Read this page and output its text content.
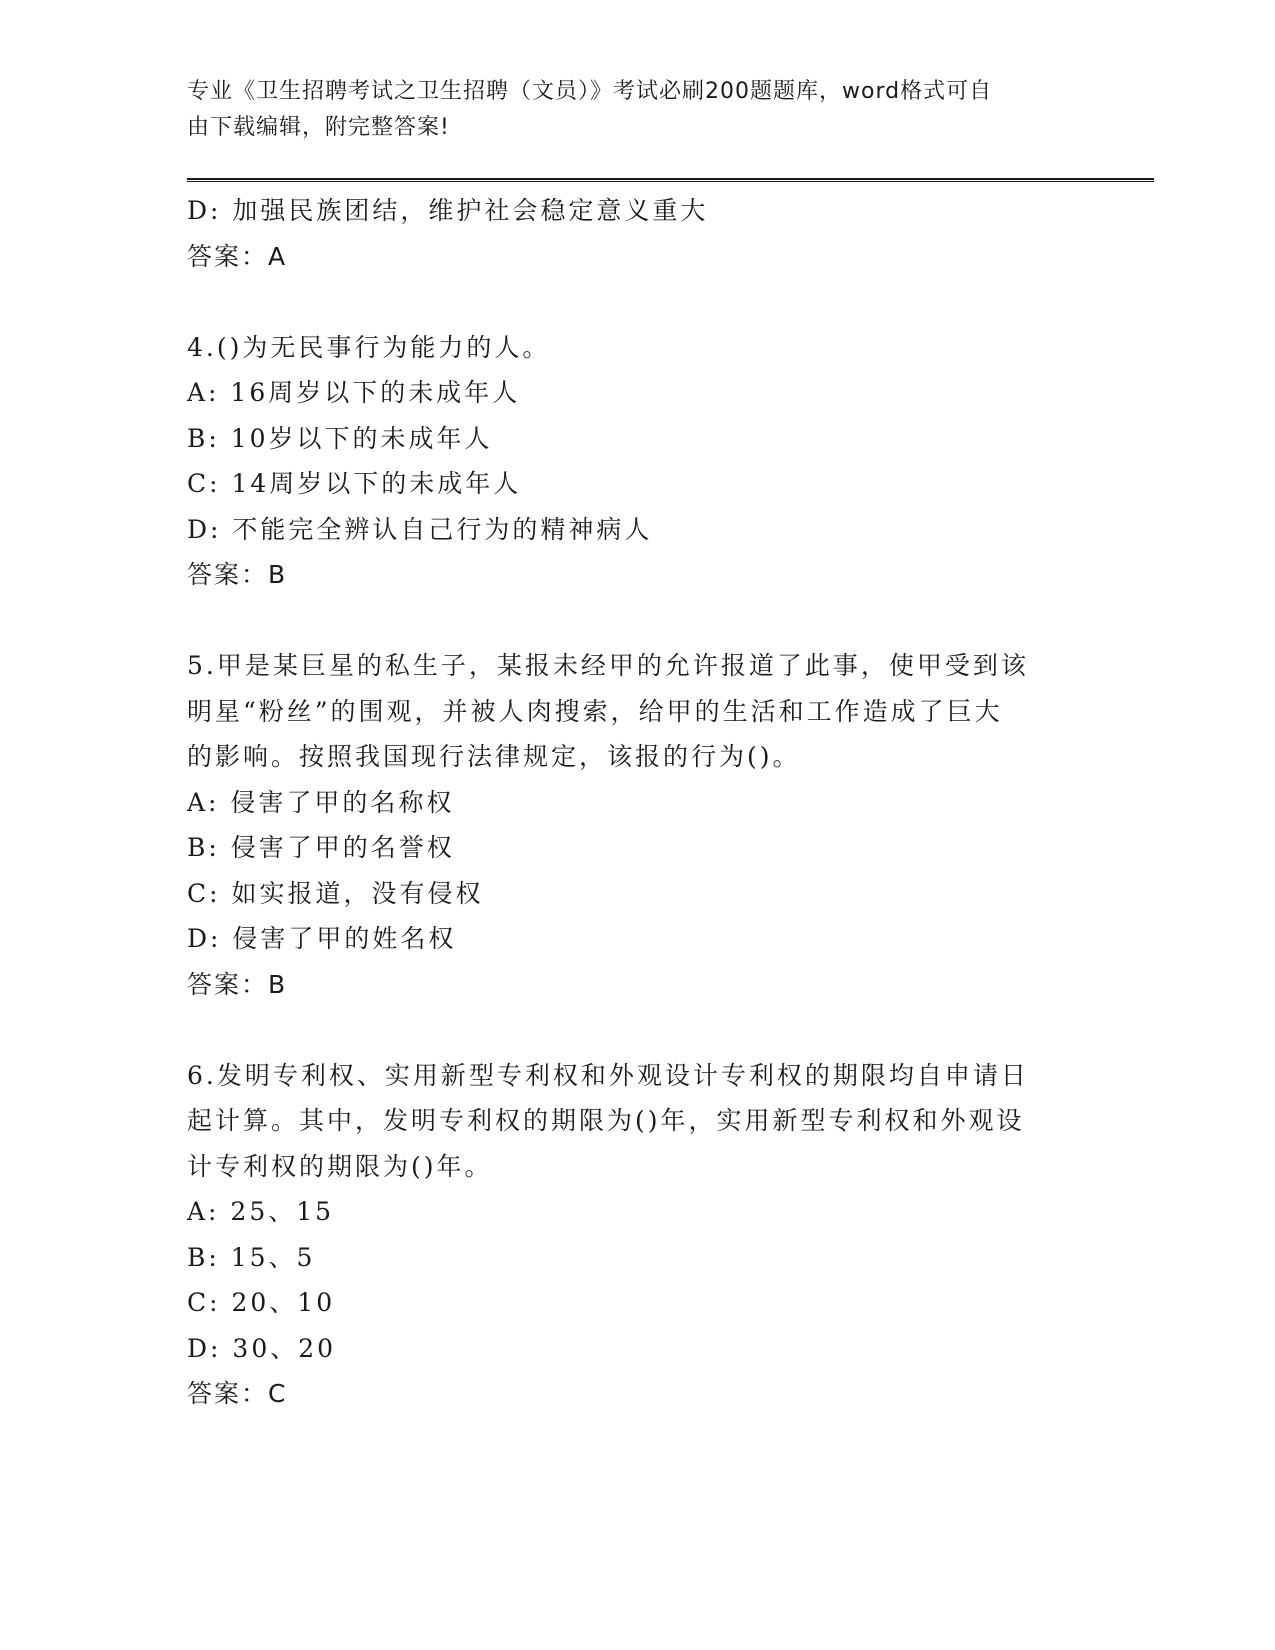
专业《卫生招聘考试之卫生招聘（文员）》考试必刷200题题库，word格式可自
由下载编辑，附完整答案!
D: 加强民族团结，维护社会稳定意义重大
答案：A
4.()为无民事行为能力的人。
A: 16周岁以下的未成年人
B: 10岁以下的未成年人
C: 14周岁以下的未成年人
D: 不能完全辨认自己行为的精神病人
答案：B
5.甲是某巨星的私生子，某报未经甲的允许报道了此事，使甲受到该
明星“粉丝”的围观，并被人肉搜索，给甲的生活和工作造成了巨大
的影响。按照我国现行法律规定，该报的行为()。
A: 侵害了甲的名称权
B: 侵害了甲的名誉权
C: 如实报道，没有侵权
D: 侵害了甲的姓名权
答案：B
6.发明专利权、实用新型专利权和外观设计专利权的期限均自申请日
起计算。其中，发明专利权的期限为()年，实用新型专利权和外观设
计专利权的期限为()年。
A: 25、15
B: 15、5
C: 20、10
D: 30、20
答案：C
